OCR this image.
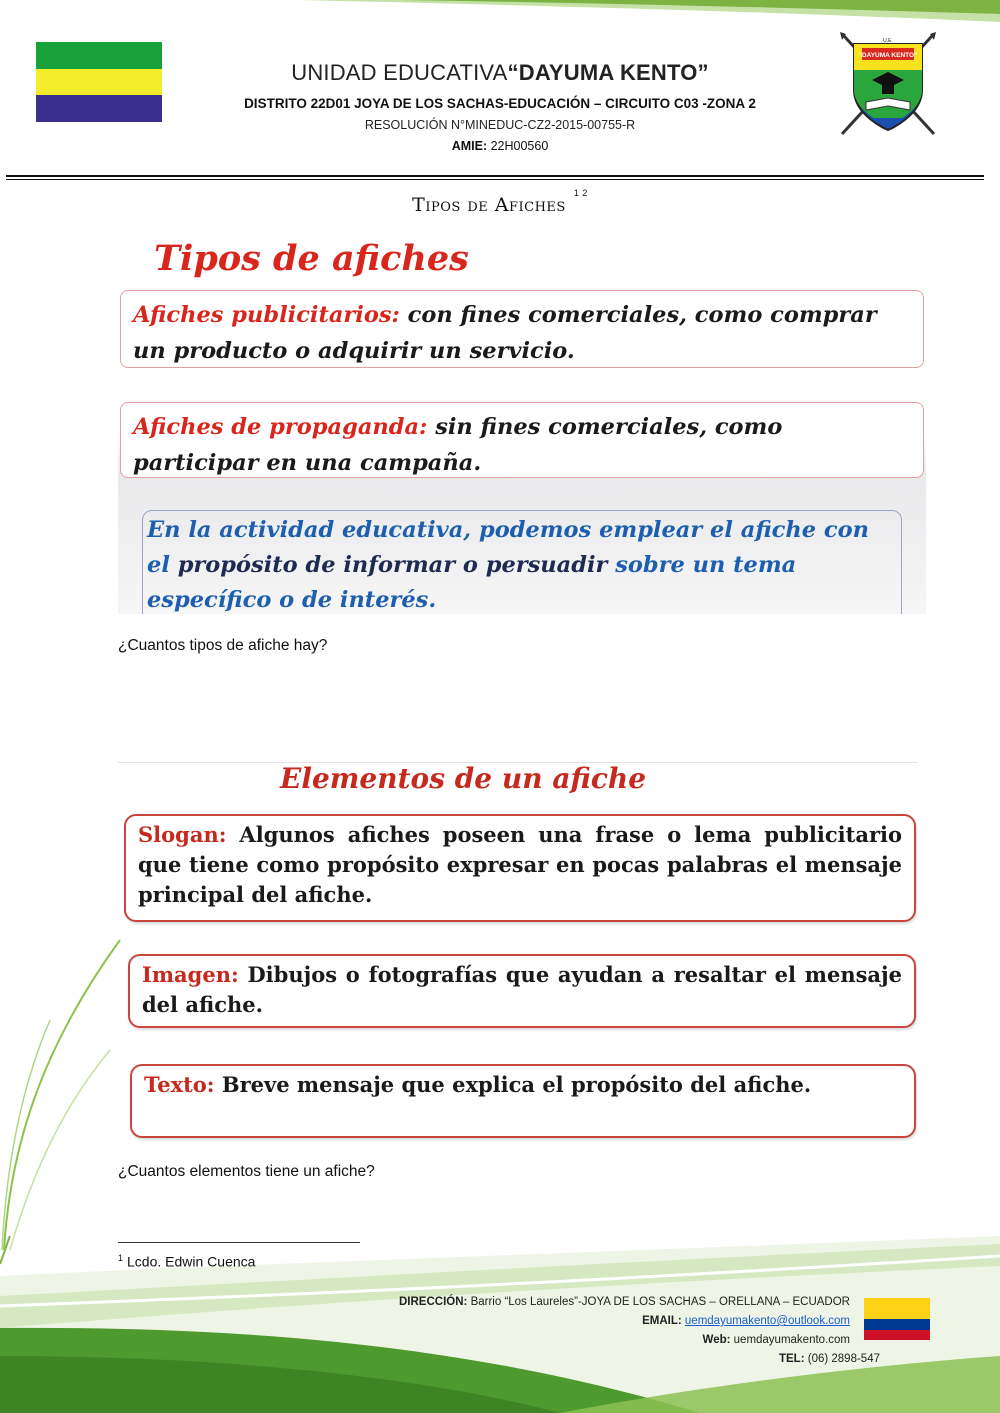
UNIDAD EDUCATIVA“DAYUMA KENTO”
DISTRITO 22D01 JOYA DE LOS SACHAS-EDUCACIÓN – CIRCUITO C03 -ZONA 2
RESOLUCIÓN N°MINEDUC-CZ2-2015-00755-R
AMIE: 22H00560
“DAYUMA KENTO”
U.E.
Tipos de Afiches$^{1 2}$
Tipos de afiches
Afiches publicitarios: con fines comerciales, como comprar un producto o adquirir un servicio.
Afiches de propaganda: sin fines comerciales, como participar en una campaña.
En la actividad educativa, podemos emplear el afiche con el propósito de informar o persuadir sobre un tema específico o de interés.
¿Cuantos tipos de afiche hay?
Elementos de un afiche
Slogan: Algunos afiches poseen una frase o lema publicitario que tiene como propósito expresar en pocas palabras el mensaje principal del afiche.
Imagen: Dibujos o fotografías que ayudan a resaltar el mensaje del afiche.
Texto: Breve mensaje que explica el propósito del afiche.
¿Cuantos elementos tiene un afiche?
$^1$ Lcdo. Edwin Cuenca
DIRECCIÓN: Barrio “Los Laureles”-JOYA DE LOS SACHAS – ORELLANA – ECUADOR
EMAIL: uemdayumakento@outlook.com
Web: uemdayumakento.com
TEL: (06) 2898-547
